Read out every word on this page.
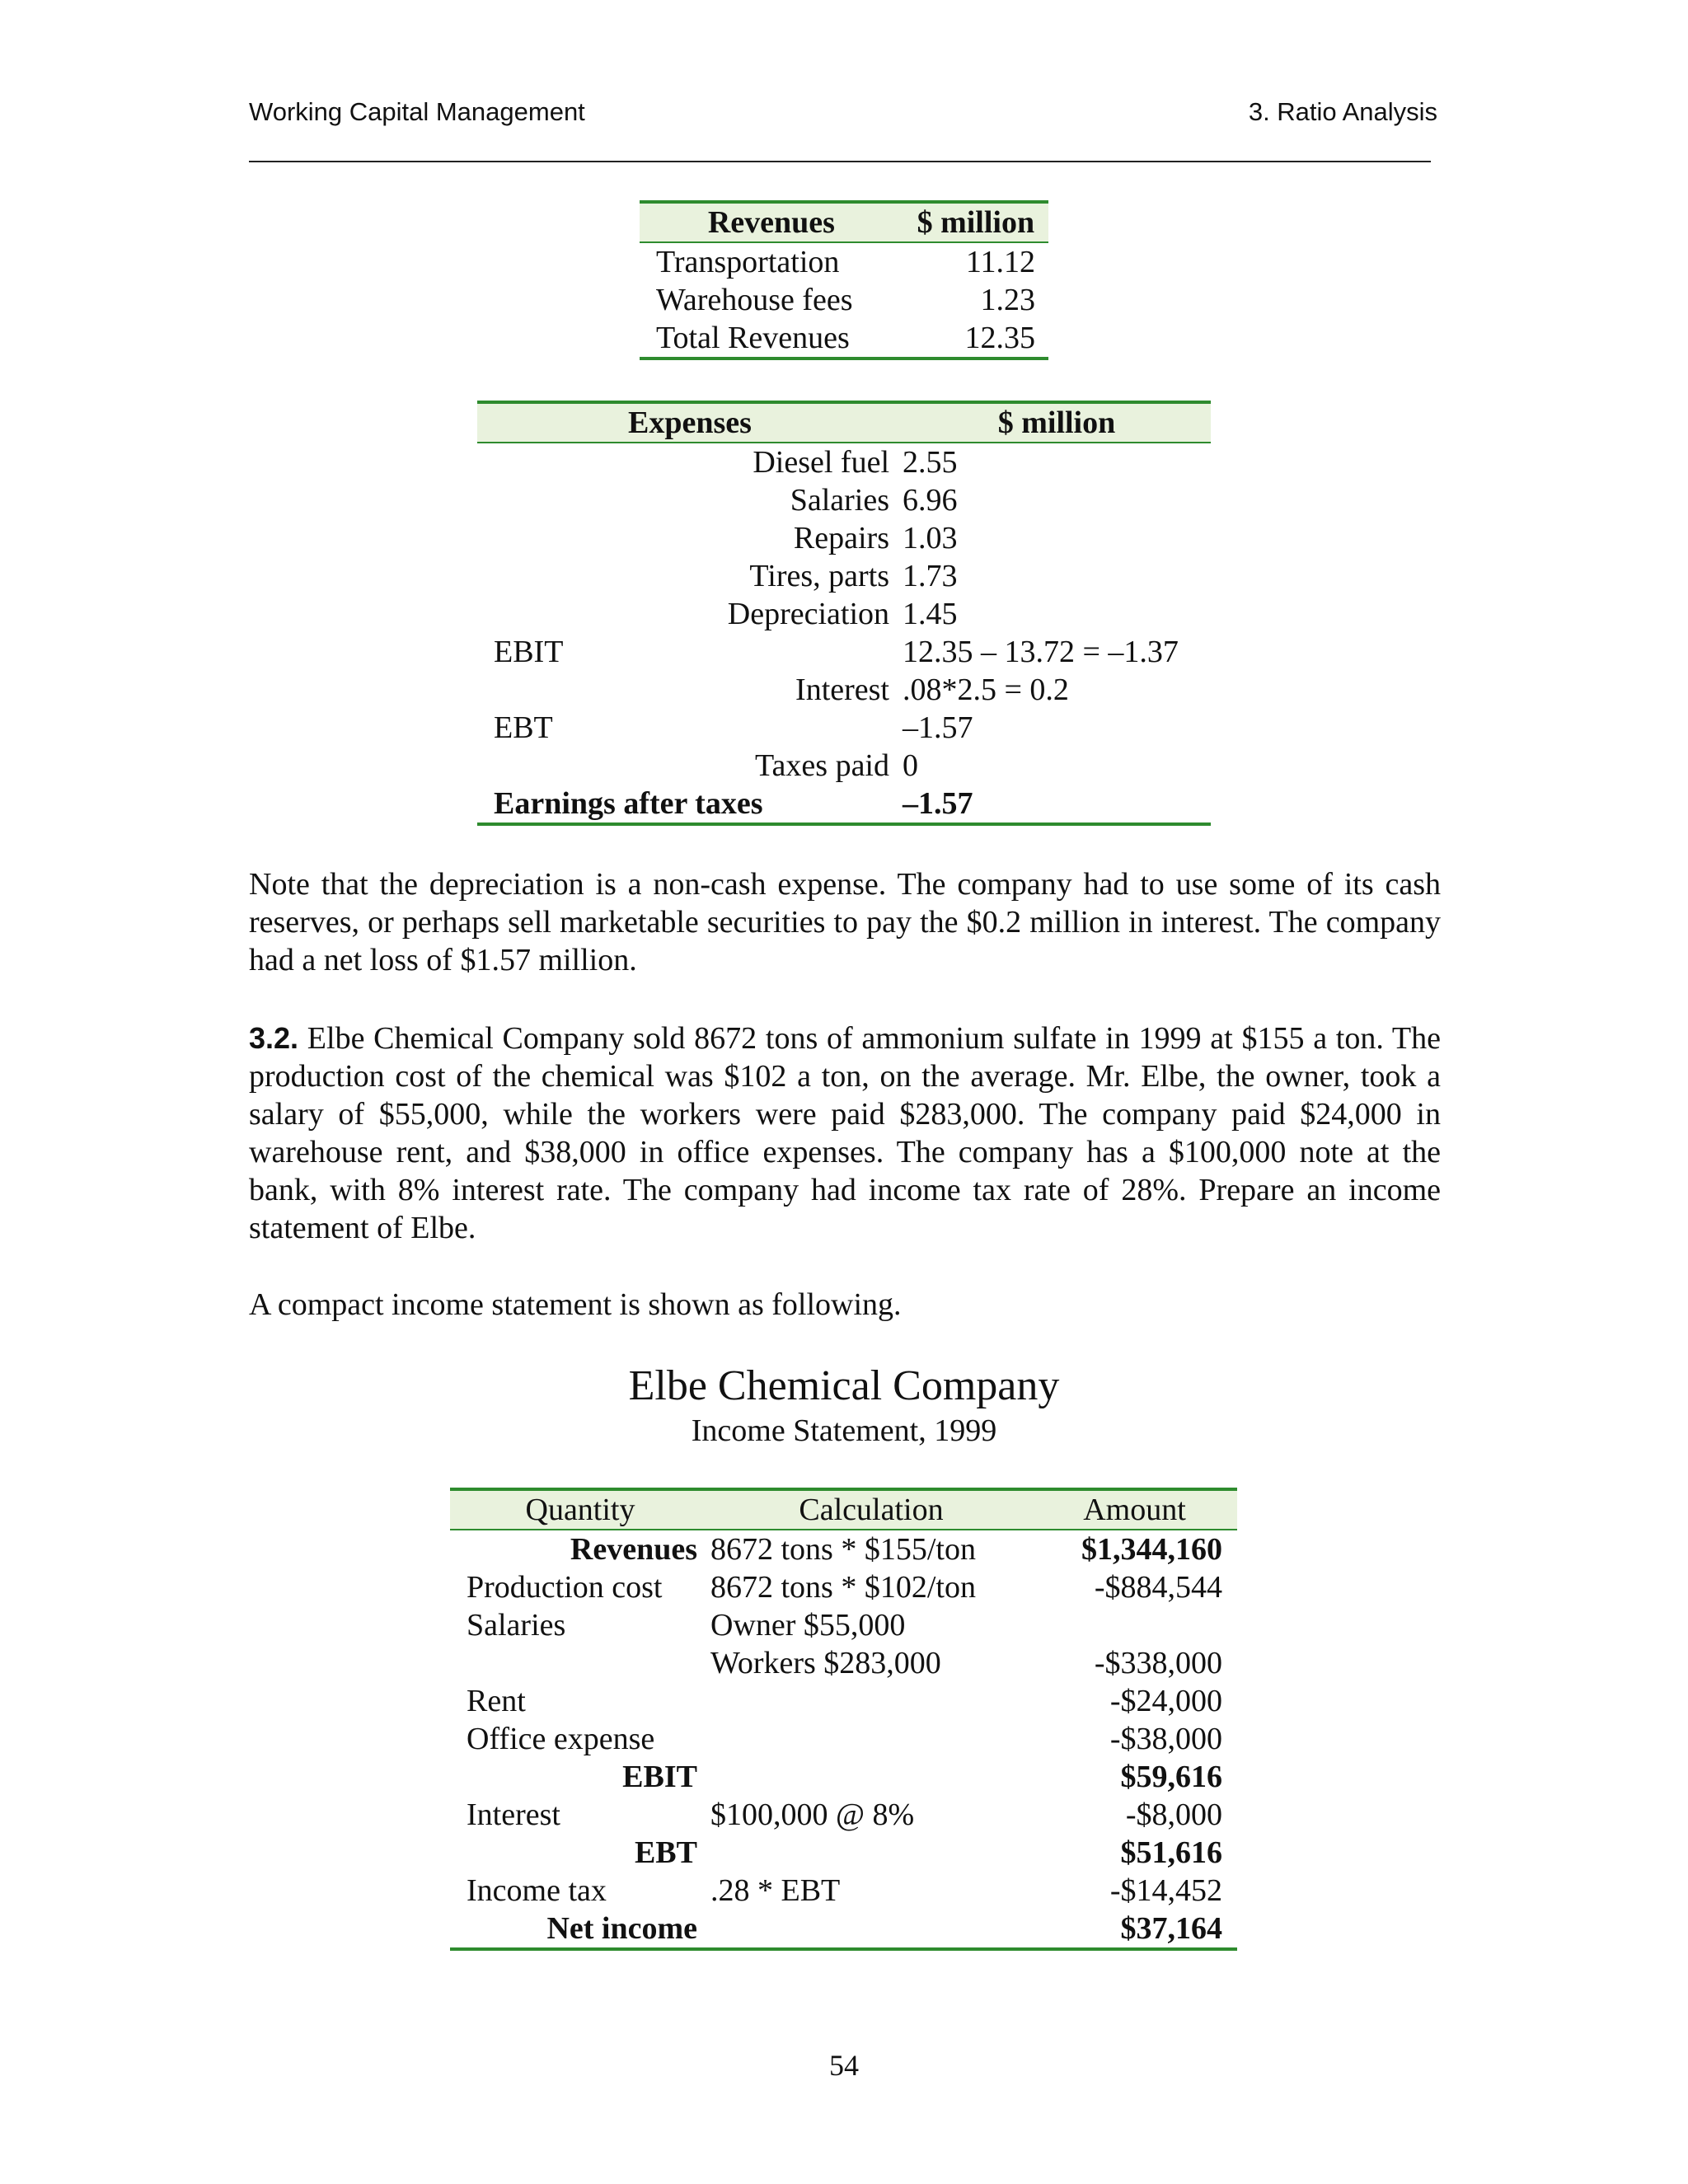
Working Capital Management	3. Ratio Analysis
Revenues	$ million
Transportation	11.12
Warehouse fees	1.23
Total Revenues	12.35
Expenses	$ million
Diesel fuel	2.55
Salaries	6.96
Repairs	1.03
Tires, parts	1.73
Depreciation	1.45
EBIT	12.35 – 13.72 = –1.37
Interest	.08*2.5 = 0.2
EBT	–1.57
Taxes paid	0
Earnings after taxes	–1.57

Note that the depreciation is a non-cash expense. The company had to use some of its cash reserves, or perhaps sell marketable securities to pay the $0.2 million in interest. The company had a net loss of $1.57 million.

3.2. Elbe Chemical Company sold 8672 tons of ammonium sulfate in 1999 at $155 a ton. The production cost of the chemical was $102 a ton, on the average. Mr. Elbe, the owner, took a salary of $55,000, while the workers were paid $283,000. The company paid $24,000 in warehouse rent, and $38,000 in office expenses. The company has a $100,000 note at the bank, with 8% interest rate. The company had income tax rate of 28%. Prepare an income statement of Elbe.

A compact income statement is shown as following.

Elbe Chemical Company
Income Statement, 1999
Quantity	Calculation	Amount
Revenues	8672 tons * $155/ton	$1,344,160
Production cost	8672 tons * $102/ton	-$884,544
Salaries	Owner $55,000	
	Workers $283,000	-$338,000
Rent		-$24,000
Office expense		-$38,000
EBIT		$59,616
Interest	$100,000 @ 8%	-$8,000
EBT		$51,616
Income tax	.28 * EBT	-$14,452
Net income		$37,164
54
